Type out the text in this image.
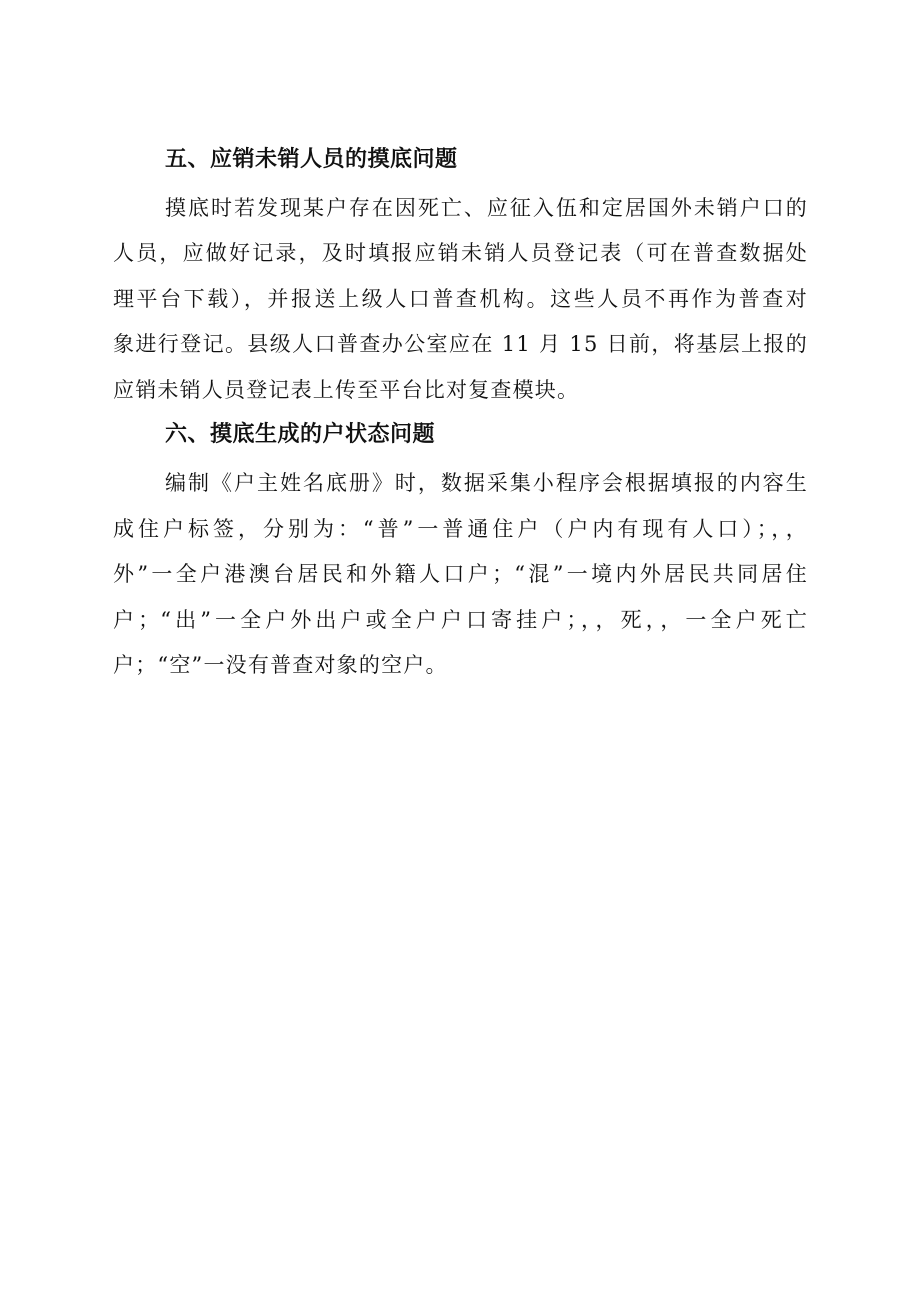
五、应销未销人员的摸底问题
摸底时若发现某户存在因死亡、应征入伍和定居国外未销户口的
人员，应做好记录，及时填报应销未销人员登记表（可在普查数据处
理平台下载），并报送上级人口普查机构。这些人员不再作为普查对
象进行登记。县级人口普查办公室应在 11 月 15 日前，将基层上报的
应销未销人员登记表上传至平台比对复查模块。
六、摸底生成的户状态问题
编制《户主姓名底册》时，数据采集小程序会根据填报的内容生
成住户标签，分别为：“普”一普通住户（户内有现有人口）；，，
外”一全户港澳台居民和外籍人口户；“混”一境内外居民共同居住
户；“出”一全户外出户或全户户口寄挂户；，，死，，一全户死亡
户；“空”一没有普查对象的空户。
